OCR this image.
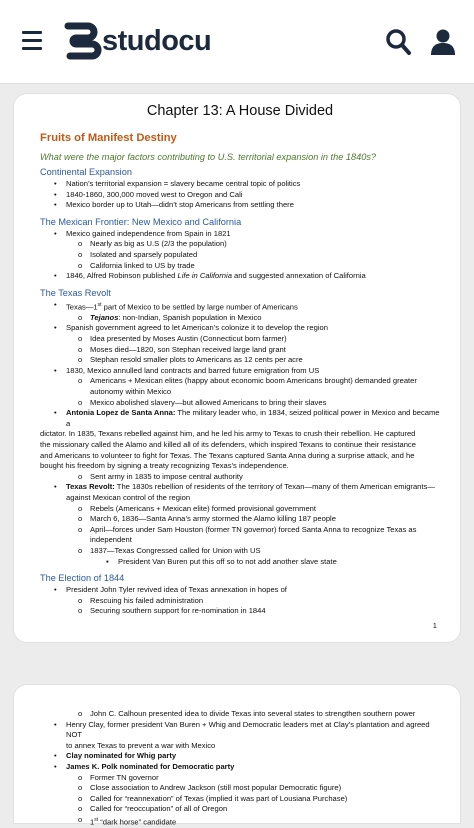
studocu
Chapter 13: A House Divided
Fruits of Manifest Destiny
What were the major factors contributing to U.S. territorial expansion in the 1840s?
Continental Expansion
• Nation’s territorial expansion = slavery became central topic of politics
• 1840-1860, 300,000 moved west to Oregon and Cali
• Mexico border up to Utah—didn’t stop Americans from settling there
The Mexican Frontier: New Mexico and California
• Mexico gained independence from Spain in 1821
o Nearly as big as U.S (2/3 the population)
o Isolated and sparsely populated
o California linked to US by trade
• 1846, Alfred Robinson published Life in California and suggested annexation of California
The Texas Revolt
• Texas—1st part of Mexico to be settled by large number of Americans
o Tejanos: non-Indian, Spanish population in Mexico
• Spanish government agreed to let American’s colonize it to develop the region
o Idea presented by Moses Austin (Connecticut born farmer)
o Moses died—1820, son Stephan received large land grant
o Stephan resold smaller plots to Americans as 12 cents per acre
• 1830, Mexico annulled land contracts and barred future emigration from US
o Americans + Mexican elites (happy about economic boom Americans brought) demanded greater
autonomy within Mexico
o Mexico abolished slavery—but allowed Americans to bring their slaves
• Antonia Lopez de Santa Anna: The military leader who, in 1834, seized political power in Mexico and became a
dictator. In 1835, Texans rebelled against him, and he led his army to Texas to crush their rebellion. He captured
the missionary called the Alamo and killed all of its defenders, which inspired Texans to continue their resistance
and Americans to volunteer to fight for Texas. The Texans captured Santa Anna during a surprise attack, and he
bought his freedom by signing a treaty recognizing Texas’s independence.
o Sent army in 1835 to impose central authority
• Texas Revolt: The 1830s rebellion of residents of the territory of Texan—many of them American emigrants—
against Mexican control of the region
o Rebels (Americans + Mexican elite) formed provisional government
o March 6, 1836—Santa Anna’s army stormed the Alamo killing 187 people
o April—forces under Sam Houston (former TN governor) forced Santa Anna to recognize Texas as
independent
o 1837—Texas Congressed called for Union with US
▪ President Van Buren put this off so to not add another slave state
The Election of 1844
• President John Tyler revived idea of Texas annexation in hopes of
o Rescuing his failed administration
o Securing southern support for re-nomination in 1844
1
o John C. Calhoun presented idea to divide Texas into several states to strengthen southern power
• Henry Clay, former president Van Buren + Whig and Democratic leaders met at Clay’s plantation and agreed NOT
to annex Texas to prevent a war with Mexico
• Clay nominated for Whig party
• James K. Polk nominated for Democratic party
o Former TN governor
o Close association to Andrew Jackson (still most popular Democratic figure)
o Called for “reannexation” of Texas (implied it was part of Lousiana Purchase)
o Called for “reoccupation” of all of Oregon
o 1st “dark horse” candidate
